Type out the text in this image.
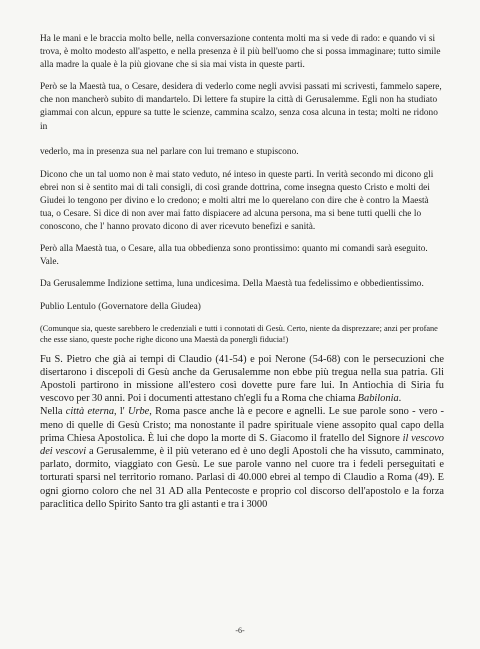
Ha le mani e le braccia molto belle, nella conversazione contenta molti ma si vede di rado: e quando vi si trova, è molto modesto all'aspetto, e nella presenza è il più bell'uomo che si possa immaginare; tutto simile alla madre la quale è la più giovane che si sia mai vista in queste parti.

Però se la Maestà tua, o Cesare, desidera di vederlo come negli avvisi passati mi scrivesti, fammelo sapere, che non mancherò subito di mandartelo. Di lettere fa stupire la città di Gerusalemme. Egli non ha studiato giammai con alcun, eppure sa tutte le scienze, cammina scalzo, senza cosa alcuna in testa; molti ne ridono in

vederlo, ma in presenza sua nel parlare con lui tremano e stupiscono.

Dicono che un tal uomo non è mai stato veduto, né inteso in queste parti. In verità secondo mi dicono gli ebrei non si è sentito mai di tali consigli, di così grande dottrina, come insegna questo Cristo e molti dei Giudei lo tengono per divino e lo credono; e molti altri me lo querelano con dire che è contro la Maestà tua, o Cesare. Si dice di non aver mai fatto dispiacere ad alcuna persona, ma si bene tutti quelli che lo conoscono, che l' hanno provato dicono di aver ricevuto benefizi e sanità.

Però alla Maestà tua, o Cesare, alla tua obbedienza sono prontissimo: quanto mi comandi sarà eseguito. Vale.

Da Gerusalemme Indizione settima, luna undicesima. Della Maestà tua fedelissimo e obbedientissimo.

Publio Lentulo (Governatore della Giudea)

(Comunque sia, queste sarebbero le credenziali e tutti i connotati di Gesù. Certo, niente da disprezzare; anzi per profane che esse siano, queste poche righe dicono una Maestà da ponergli fiducia!)

Fu S. Pietro che già ai tempi di Claudio (41-54) e poi Nerone (54-68) con le persecuzioni che disertarono i discepoli di Gesù anche da Gerusalemme non ebbe più tregua nella sua patria. Gli Apostoli partirono in missione all'estero così dovette pure fare lui. In Antiochia di Siria fu vescovo per 30 anni. Poi i documenti attestano ch'egli fu a Roma che chiama Babilonia.

Nella città eterna, l' Urbe, Roma pasce anche là e pecore e agnelli. Le sue parole sono - vero - meno di quelle di Gesù Cristo; ma nonostante il padre spirituale viene assopito qual capo della prima Chiesa Apostolica. È lui che dopo la morte di S. Giacomo il fratello del Signore il vescovo dei vescovi a Gerusalemme, è il più veterano ed è uno degli Apostoli che ha vissuto, camminato, parlato, dormito, viaggiato con Gesù. Le sue parole vanno nel cuore tra i fedeli perseguitati e torturati sparsi nel territorio romano. Parlasi di 40.000 ebrei al tempo di Claudio a Roma (49). E ogni giorno coloro che nel 31 AD alla Pentecoste e proprio col discorso dell'apostolo e la forza paraclitica dello Spirito Santo tra gli astanti e tra i 3000

-6-
